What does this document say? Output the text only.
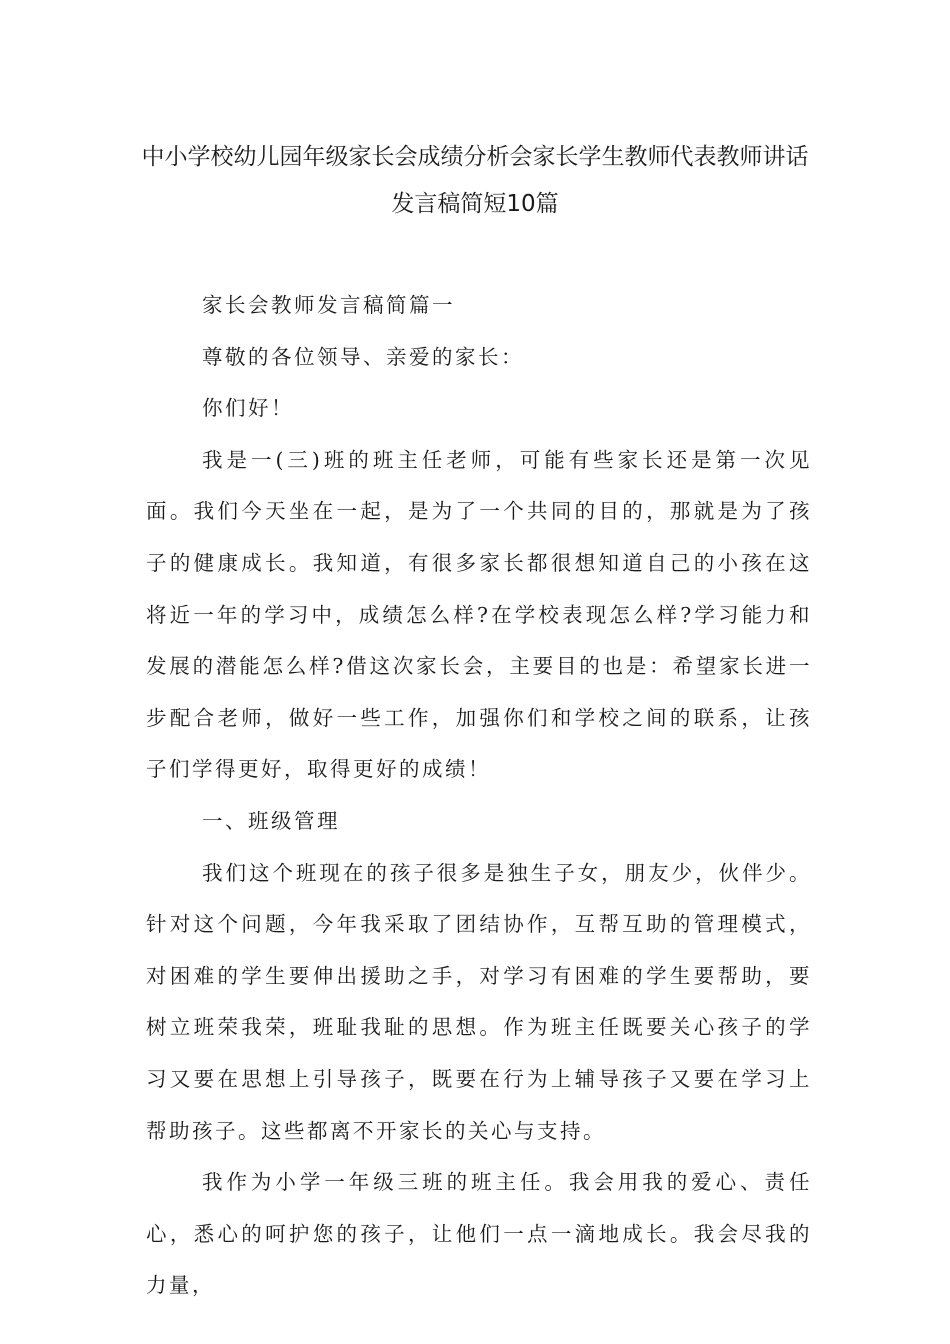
中小学校幼儿园年级家长会成绩分析会家长学生教师代表教师讲话
发言稿简短10篇

家长会教师发言稿简篇一

尊敬的各位领导、亲爱的家长：

你们好！

我是一(三)班的班主任老师，可能有些家长还是第一次见面。我们今天坐在一起，是为了一个共同的目的，那就是为了孩子的健康成长。我知道，有很多家长都很想知道自己的小孩在这将近一年的学习中，成绩怎么样?在学校表现怎么样?学习能力和发展的潜能怎么样?借这次家长会，主要目的也是：希望家长进一步配合老师，做好一些工作，加强你们和学校之间的联系，让孩子们学得更好，取得更好的成绩！

一、班级管理

我们这个班现在的孩子很多是独生子女，朋友少，伙伴少。针对这个问题，今年我采取了团结协作，互帮互助的管理模式，对困难的学生要伸出援助之手，对学习有困难的学生要帮助，要树立班荣我荣，班耻我耻的思想。作为班主任既要关心孩子的学习又要在思想上引导孩子，既要在行为上辅导孩子又要在学习上帮助孩子。这些都离不开家长的关心与支持。

我作为小学一年级三班的班主任。我会用我的爱心、责任心，悉心的呵护您的孩子，让他们一点一滴地成长。我会尽我的力量，
